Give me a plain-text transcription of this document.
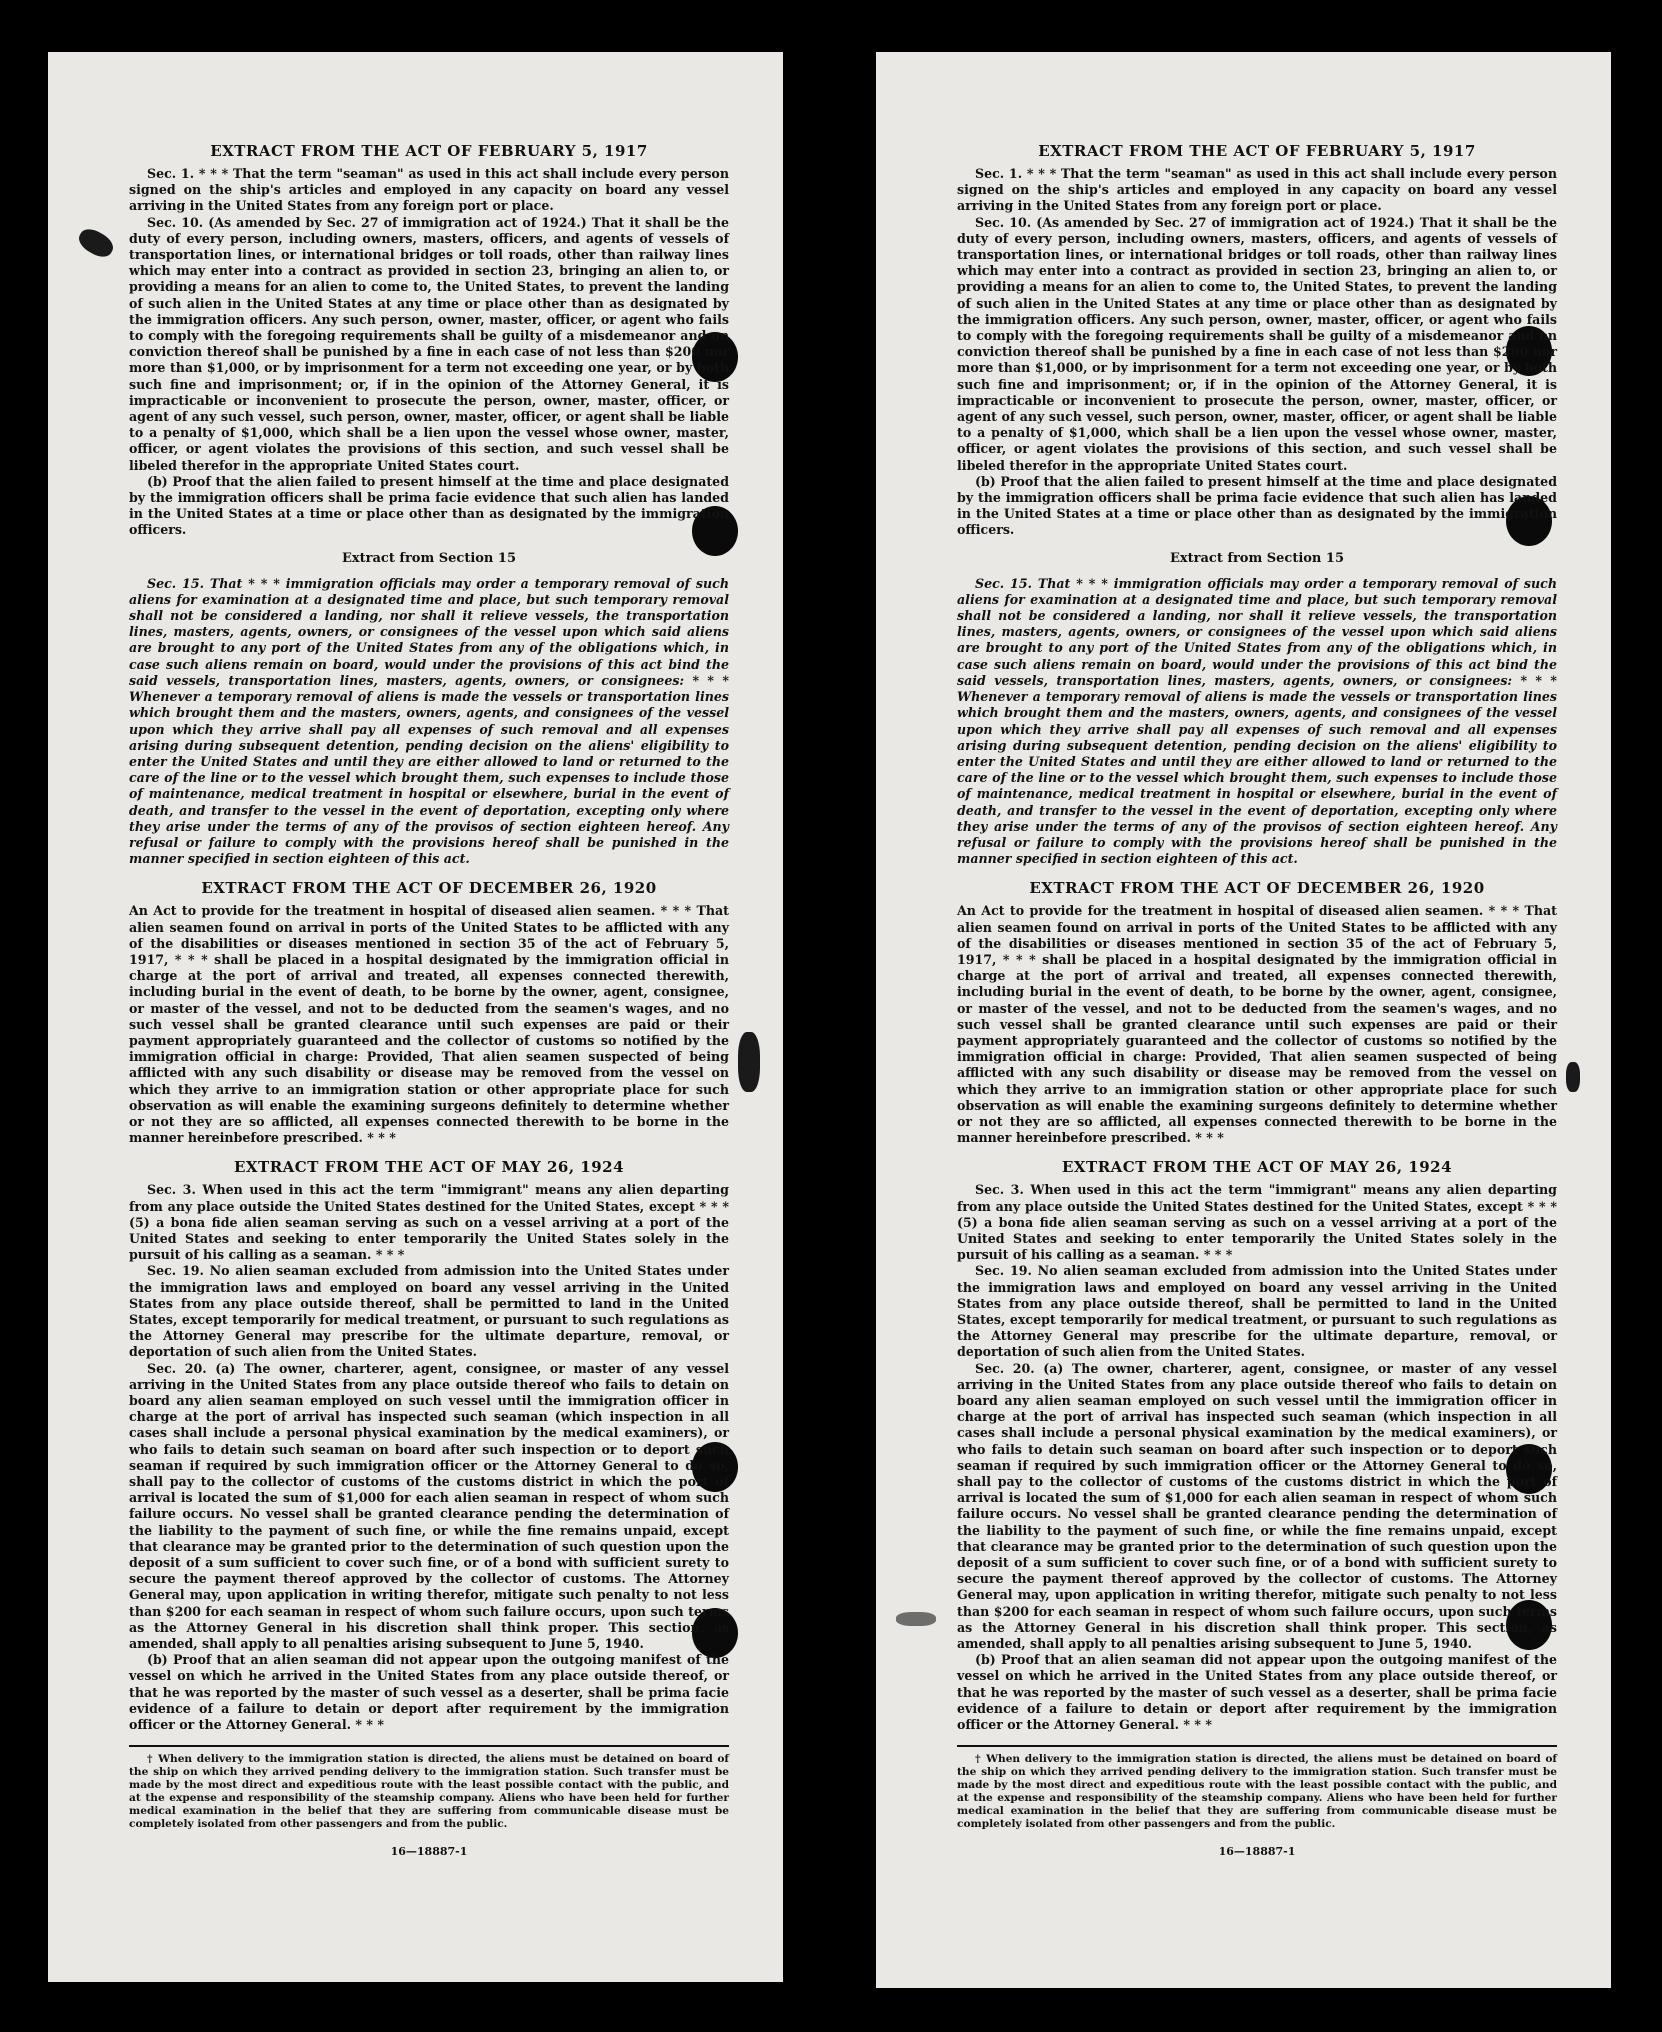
EXTRACT FROM THE ACT OF FEBRUARY 5, 1917

Sec. 1. * * * That the term "seaman" as used in this act shall include every person signed on the ship's articles and employed in any capacity on board any vessel arriving in the United States from any foreign port or place.

Sec. 10. (As amended by Sec. 27 of immigration act of 1924.) That it shall be the duty of every person, including owners, masters, officers, and agents of vessels of transportation lines, or international bridges or toll roads, other than railway lines which may enter into a contract as provided in section 23, bringing an alien to, or providing a means for an alien to come to, the United States, to prevent the landing of such alien in the United States at any time or place other than as designated by the immigration officers. Any such person, owner, master, officer, or agent who fails to comply with the foregoing requirements shall be guilty of a misdemeanor and on conviction thereof shall be punished by a fine in each case of not less than $200 nor more than $1,000, or by imprisonment for a term not exceeding one year, or by both such fine and imprisonment; or, if in the opinion of the Attorney General, it is impracticable or inconvenient to prosecute the person, owner, master, officer, or agent of any such vessel, such person, owner, master, officer, or agent shall be liable to a penalty of $1,000, which shall be a lien upon the vessel whose owner, master, officer, or agent violates the provisions of this section, and such vessel shall be libeled therefor in the appropriate United States court.

(b) Proof that the alien failed to present himself at the time and place designated by the immigration officers shall be prima facie evidence that such alien has landed in the United States at a time or place other than as designated by the immigration officers.

Extract from Section 15

Sec. 15. That * * * immigration officials may order a temporary removal of such aliens for examination at a designated time and place, but such temporary removal shall not be considered a landing, nor shall it relieve vessels, the transportation lines, masters, agents, owners, or consignees of the vessel upon which said aliens are brought to any port of the United States from any of the obligations which, in case such aliens remain on board, would under the provisions of this act bind the said vessels, transportation lines, masters, agents, owners, or consignees: * * * Whenever a temporary removal of aliens is made the vessels or transportation lines which brought them and the masters, owners, agents, and consignees of the vessel upon which they arrive shall pay all expenses of such removal and all expenses arising during subsequent detention, pending decision on the aliens' eligibility to enter the United States and until they are either allowed to land or returned to the care of the line or to the vessel which brought them, such expenses to include those of maintenance, medical treatment in hospital or elsewhere, burial in the event of death, and transfer to the vessel in the event of deportation, excepting only where they arise under the terms of any of the provisos of section eighteen hereof. Any refusal or failure to comply with the provisions hereof shall be punished in the manner specified in section eighteen of this act.

EXTRACT FROM THE ACT OF DECEMBER 26, 1920

An Act to provide for the treatment in hospital of diseased alien seamen. * * * That alien seamen found on arrival in ports of the United States to be afflicted with any of the disabilities or diseases mentioned in section 35 of the act of February 5, 1917, * * * shall be placed in a hospital designated by the immigration official in charge at the port of arrival and treated, all expenses connected therewith, including burial in the event of death, to be borne by the owner, agent, consignee, or master of the vessel, and not to be deducted from the seamen's wages, and no such vessel shall be granted clearance until such expenses are paid or their payment appropriately guaranteed and the collector of customs so notified by the immigration official in charge: Provided, That alien seamen suspected of being afflicted with any such disability or disease may be removed from the vessel on which they arrive to an immigration station or other appropriate place for such observation as will enable the examining surgeons definitely to determine whether or not they are so afflicted, all expenses connected therewith to be borne in the manner hereinbefore prescribed. * * *

EXTRACT FROM THE ACT OF MAY 26, 1924

Sec. 3. When used in this act the term "immigrant" means any alien departing from any place outside the United States destined for the United States, except * * * (5) a bona fide alien seaman serving as such on a vessel arriving at a port of the United States and seeking to enter temporarily the United States solely in the pursuit of his calling as a seaman. * * *

Sec. 19. No alien seaman excluded from admission into the United States under the immigration laws and employed on board any vessel arriving in the United States from any place outside thereof, shall be permitted to land in the United States, except temporarily for medical treatment, or pursuant to such regulations as the Attorney General may prescribe for the ultimate departure, removal, or deportation of such alien from the United States.

Sec. 20. (a) The owner, charterer, agent, consignee, or master of any vessel arriving in the United States from any place outside thereof who fails to detain on board any alien seaman employed on such vessel until the immigration officer in charge at the port of arrival has inspected such seaman (which inspection in all cases shall include a personal physical examination by the medical examiners), or who fails to detain such seaman on board after such inspection or to deport such seaman if required by such immigration officer or the Attorney General to do so, shall pay to the collector of customs of the customs district in which the port of arrival is located the sum of $1,000 for each alien seaman in respect of whom such failure occurs. No vessel shall be granted clearance pending the determination of the liability to the payment of such fine, or while the fine remains unpaid, except that clearance may be granted prior to the determination of such question upon the deposit of a sum sufficient to cover such fine, or of a bond with sufficient surety to secure the payment thereof approved by the collector of customs. The Attorney General may, upon application in writing therefor, mitigate such penalty to not less than $200 for each seaman in respect of whom such failure occurs, upon such terms as the Attorney General in his discretion shall think proper. This section, as amended, shall apply to all penalties arising subsequent to June 5, 1940.

(b) Proof that an alien seaman did not appear upon the outgoing manifest of the vessel on which he arrived in the United States from any place outside thereof, or that he was reported by the master of such vessel as a deserter, shall be prima facie evidence of a failure to detain or deport after requirement by the immigration officer or the Attorney General. * * *

† When delivery to the immigration station is directed, the aliens must be detained on board of the ship on which they arrived pending delivery to the immigration station. Such transfer must be made by the most direct and expeditious route with the least possible contact with the public, and at the expense and responsibility of the steamship company. Aliens who have been held for further medical examination in the belief that they are suffering from communicable disease must be completely isolated from other passengers and from the public.

16—18887-1
EXTRACT FROM THE ACT OF FEBRUARY 5, 1917

Sec. 1. * * * That the term "seaman" as used in this act shall include every person signed on the ship's articles and employed in any capacity on board any vessel arriving in the United States from any foreign port or place.

Sec. 10. (As amended by Sec. 27 of immigration act of 1924.) That it shall be the duty of every person, including owners, masters, officers, and agents of vessels of transportation lines, or international bridges or toll roads, other than railway lines which may enter into a contract as provided in section 23, bringing an alien to, or providing a means for an alien to come to, the United States, to prevent the landing of such alien in the United States at any time or place other than as designated by the immigration officers. Any such person, owner, master, officer, or agent who fails to comply with the foregoing requirements shall be guilty of a misdemeanor and on conviction thereof shall be punished by a fine in each case of not less than $200 nor more than $1,000, or by imprisonment for a term not exceeding one year, or by both such fine and imprisonment; or, if in the opinion of the Attorney General, it is impracticable or inconvenient to prosecute the person, owner, master, officer, or agent of any such vessel, such person, owner, master, officer, or agent shall be liable to a penalty of $1,000, which shall be a lien upon the vessel whose owner, master, officer, or agent violates the provisions of this section, and such vessel shall be libeled therefor in the appropriate United States court.

(b) Proof that the alien failed to present himself at the time and place designated by the immigration officers shall be prima facie evidence that such alien has landed in the United States at a time or place other than as designated by the immigration officers.

Extract from Section 15

Sec. 15. That * * * immigration officials may order a temporary removal of such aliens for examination at a designated time and place, but such temporary removal shall not be considered a landing, nor shall it relieve vessels, the transportation lines, masters, agents, owners, or consignees of the vessel upon which said aliens are brought to any port of the United States from any of the obligations which, in case such aliens remain on board, would under the provisions of this act bind the said vessels, transportation lines, masters, agents, owners, or consignees: * * * Whenever a temporary removal of aliens is made the vessels or transportation lines which brought them and the masters, owners, agents, and consignees of the vessel upon which they arrive shall pay all expenses of such removal and all expenses arising during subsequent detention, pending decision on the aliens' eligibility to enter the United States and until they are either allowed to land or returned to the care of the line or to the vessel which brought them, such expenses to include those of maintenance, medical treatment in hospital or elsewhere, burial in the event of death, and transfer to the vessel in the event of deportation, excepting only where they arise under the terms of any of the provisos of section eighteen hereof. Any refusal or failure to comply with the provisions hereof shall be punished in the manner specified in section eighteen of this act.

EXTRACT FROM THE ACT OF DECEMBER 26, 1920

An Act to provide for the treatment in hospital of diseased alien seamen. * * * That alien seamen found on arrival in ports of the United States to be afflicted with any of the disabilities or diseases mentioned in section 35 of the act of February 5, 1917, * * * shall be placed in a hospital designated by the immigration official in charge at the port of arrival and treated, all expenses connected therewith, including burial in the event of death, to be borne by the owner, agent, consignee, or master of the vessel, and not to be deducted from the seamen's wages, and no such vessel shall be granted clearance until such expenses are paid or their payment appropriately guaranteed and the collector of customs so notified by the immigration official in charge: Provided, That alien seamen suspected of being afflicted with any such disability or disease may be removed from the vessel on which they arrive to an immigration station or other appropriate place for such observation as will enable the examining surgeons definitely to determine whether or not they are so afflicted, all expenses connected therewith to be borne in the manner hereinbefore prescribed. * * *

EXTRACT FROM THE ACT OF MAY 26, 1924

Sec. 3. When used in this act the term "immigrant" means any alien departing from any place outside the United States destined for the United States, except * * * (5) a bona fide alien seaman serving as such on a vessel arriving at a port of the United States and seeking to enter temporarily the United States solely in the pursuit of his calling as a seaman. * * *

Sec. 19. No alien seaman excluded from admission into the United States under the immigration laws and employed on board any vessel arriving in the United States from any place outside thereof, shall be permitted to land in the United States, except temporarily for medical treatment, or pursuant to such regulations as the Attorney General may prescribe for the ultimate departure, removal, or deportation of such alien from the United States.

Sec. 20. (a) The owner, charterer, agent, consignee, or master of any vessel arriving in the United States from any place outside thereof who fails to detain on board any alien seaman employed on such vessel until the immigration officer in charge at the port of arrival has inspected such seaman (which inspection in all cases shall include a personal physical examination by the medical examiners), or who fails to detain such seaman on board after such inspection or to deport such seaman if required by such immigration officer or the Attorney General to do so, shall pay to the collector of customs of the customs district in which the port of arrival is located the sum of $1,000 for each alien seaman in respect of whom such failure occurs. No vessel shall be granted clearance pending the determination of the liability to the payment of such fine, or while the fine remains unpaid, except that clearance may be granted prior to the determination of such question upon the deposit of a sum sufficient to cover such fine, or of a bond with sufficient surety to secure the payment thereof approved by the collector of customs. The Attorney General may, upon application in writing therefor, mitigate such penalty to not less than $200 for each seaman in respect of whom such failure occurs, upon such terms as the Attorney General in his discretion shall think proper. This section, as amended, shall apply to all penalties arising subsequent to June 5, 1940.

(b) Proof that an alien seaman did not appear upon the outgoing manifest of the vessel on which he arrived in the United States from any place outside thereof, or that he was reported by the master of such vessel as a deserter, shall be prima facie evidence of a failure to detain or deport after requirement by the immigration officer or the Attorney General. * * *

† When delivery to the immigration station is directed, the aliens must be detained on board of the ship on which they arrived pending delivery to the immigration station. Such transfer must be made by the most direct and expeditious route with the least possible contact with the public, and at the expense and responsibility of the steamship company. Aliens who have been held for further medical examination in the belief that they are suffering from communicable disease must be completely isolated from other passengers and from the public.

16—18887-1
